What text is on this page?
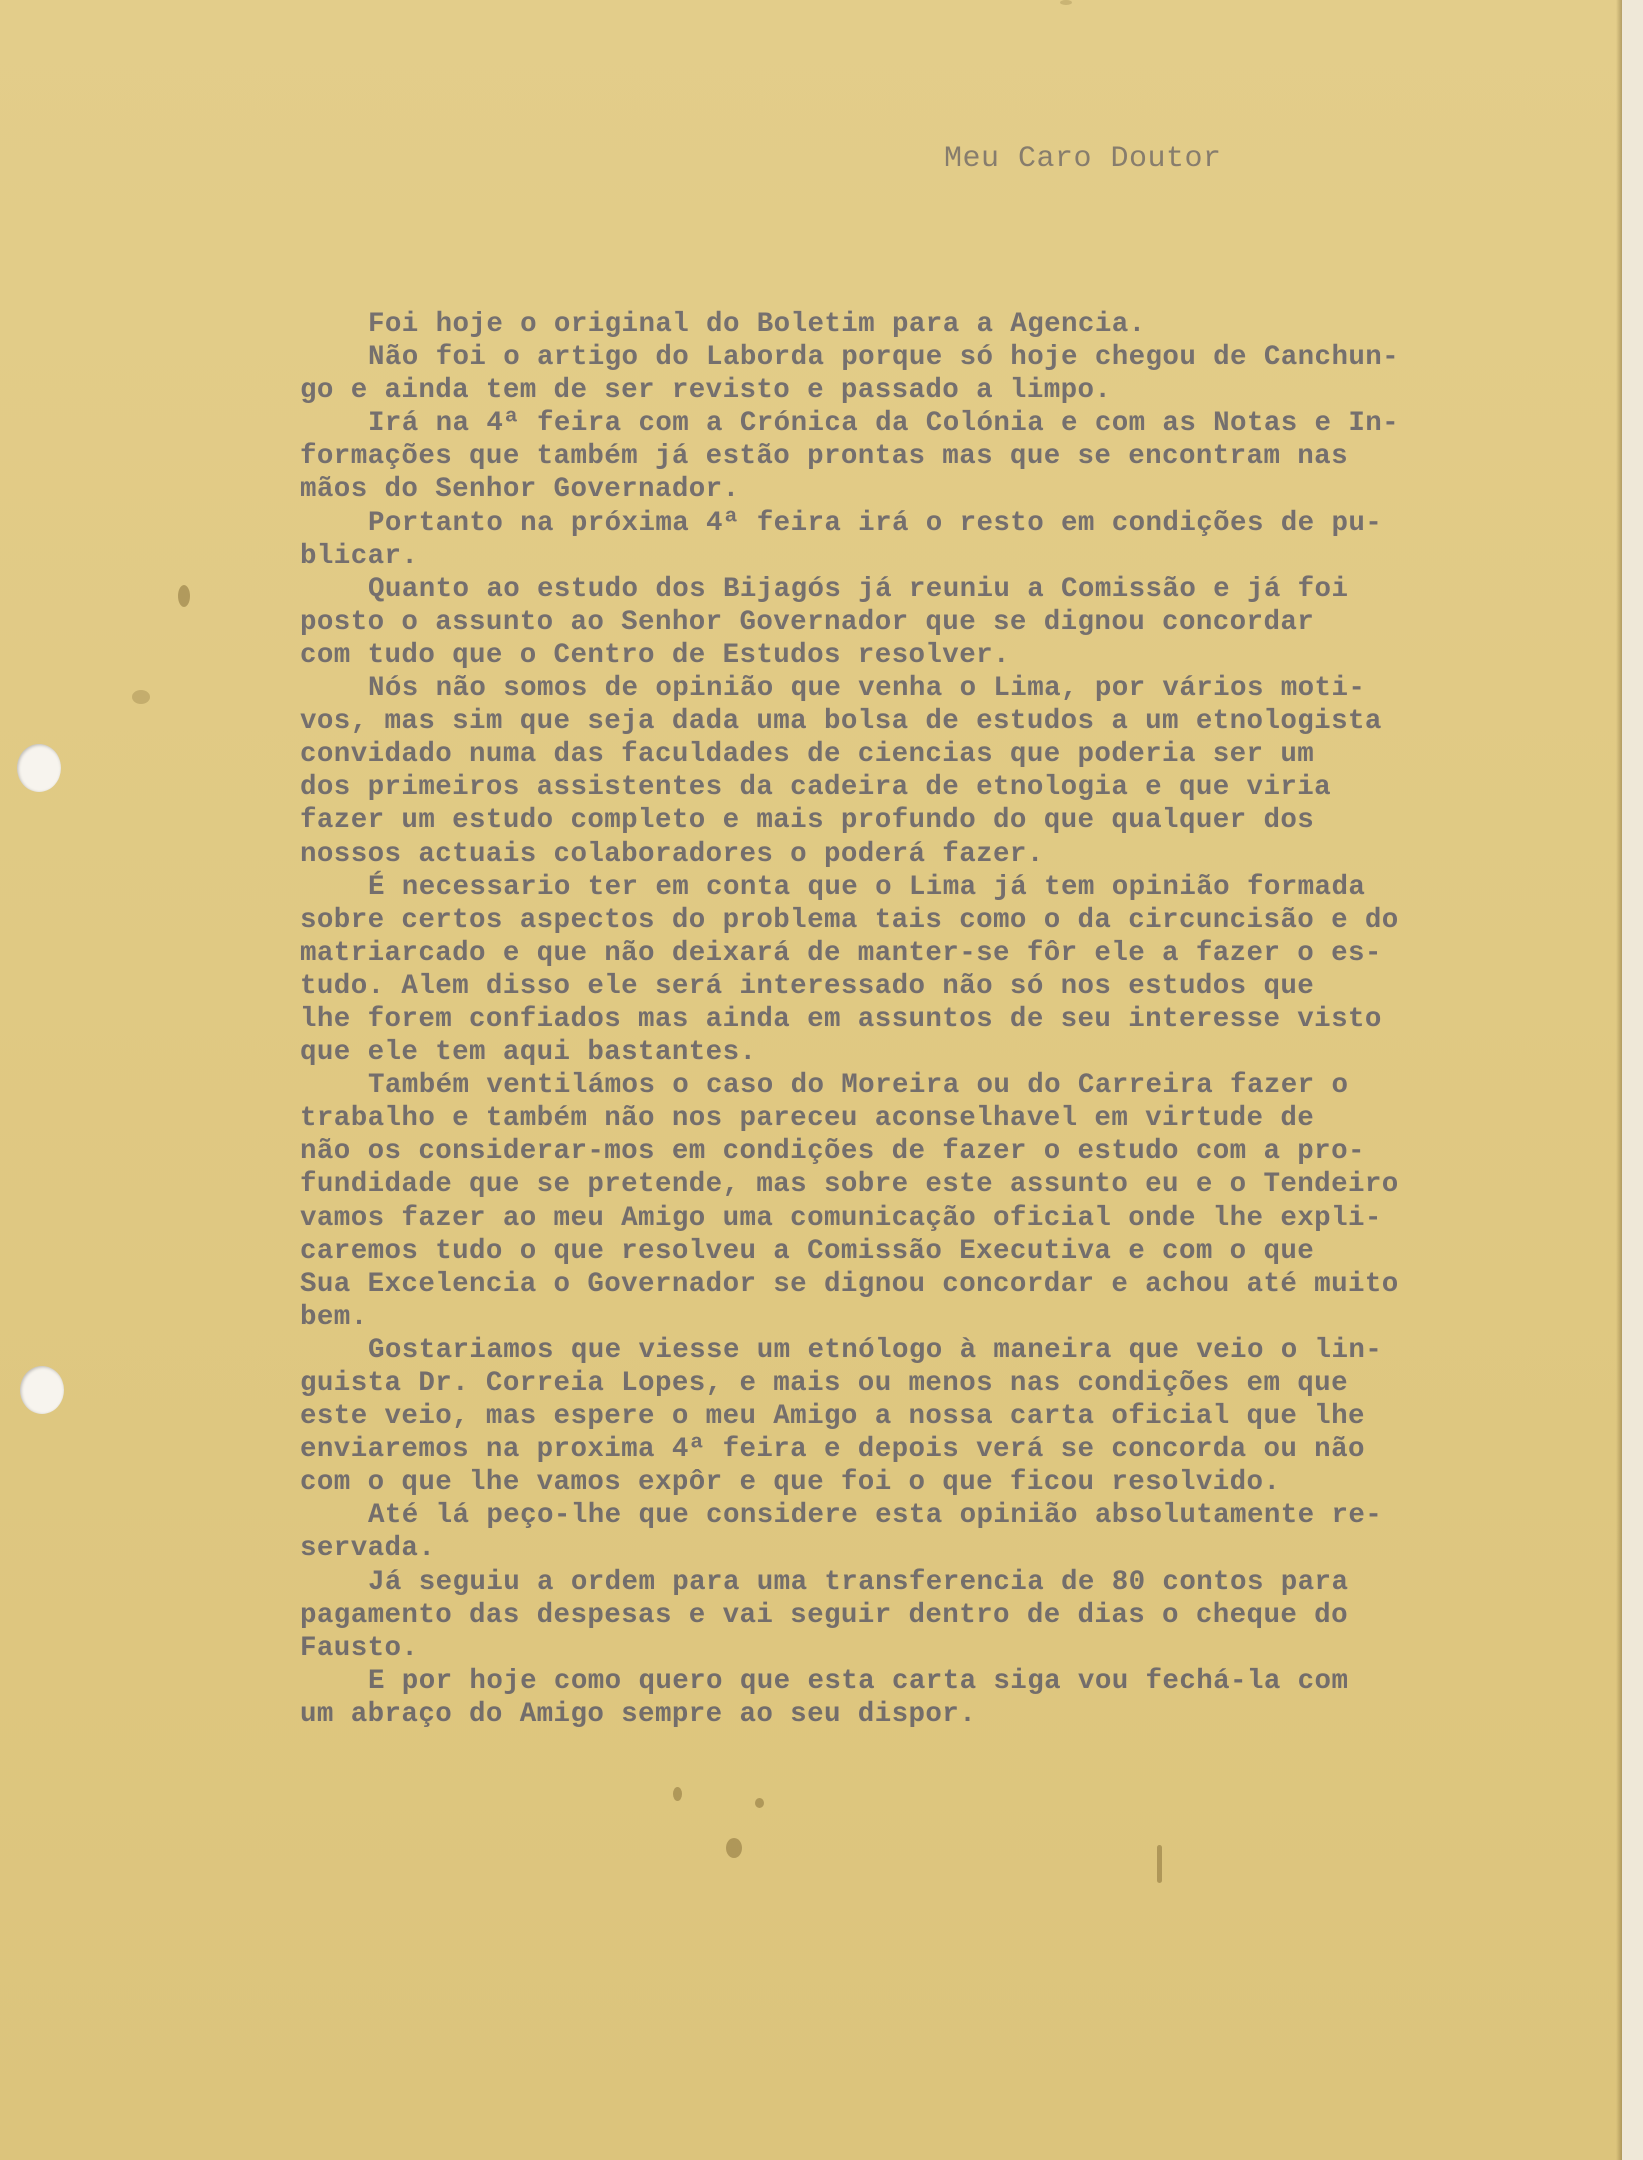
Meu Caro Doutor
Foi hoje o original do Boletim para a Agencia.
Não foi o artigo do Laborda porque só hoje chegou de Canchun-
go e ainda tem de ser revisto e passado a limpo.
Irá na 4ª feira com a Crónica da Colónia e com as Notas e In-
formações que também já estão prontas mas que se encontram nas
mãos do Senhor Governador.
Portanto na próxima 4ª feira irá o resto em condições de pu-
blicar.
Quanto ao estudo dos Bijagós já reuniu a Comissão e já foi
posto o assunto ao Senhor Governador que se dignou concordar
com tudo que o Centro de Estudos resolver.
Nós não somos de opinião que venha o Lima, por vários moti-
vos, mas sim que seja dada uma bolsa de estudos a um etnologista
convidado numa das faculdades de ciencias que poderia ser um
dos primeiros assistentes da cadeira de etnologia e que viria
fazer um estudo completo e mais profundo do que qualquer dos
nossos actuais colaboradores o poderá fazer.
É necessario ter em conta que o Lima já tem opinião formada
sobre certos aspectos do problema tais como o da circuncisão e do
matriarcado e que não deixará de manter-se fôr ele a fazer o es-
tudo. Alem disso ele será interessado não só nos estudos que
lhe forem confiados mas ainda em assuntos de seu interesse visto
que ele tem aqui bastantes.
Também ventilámos o caso do Moreira ou do Carreira fazer o
trabalho e também não nos pareceu aconselhavel em virtude de
não os considerar-mos em condições de fazer o estudo com a pro-
fundidade que se pretende, mas sobre este assunto eu e o Tendeiro
vamos fazer ao meu Amigo uma comunicação oficial onde lhe expli-
caremos tudo o que resolveu a Comissão Executiva e com o que
Sua Excelencia o Governador se dignou concordar e achou até muito
bem.
Gostariamos que viesse um etnólogo à maneira que veio o lin-
guista Dr. Correia Lopes, e mais ou menos nas condições em que
este veio, mas espere o meu Amigo a nossa carta oficial que lhe
enviaremos na proxima 4ª feira e depois verá se concorda ou não
com o que lhe vamos expôr e que foi o que ficou resolvido.
Até lá peço-lhe que considere esta opinião absolutamente re-
servada.
Já seguiu a ordem para uma transferencia de 80 contos para
pagamento das despesas e vai seguir dentro de dias o cheque do
Fausto.
E por hoje como quero que esta carta siga vou fechá-la com
um abraço do Amigo sempre ao seu dispor.
